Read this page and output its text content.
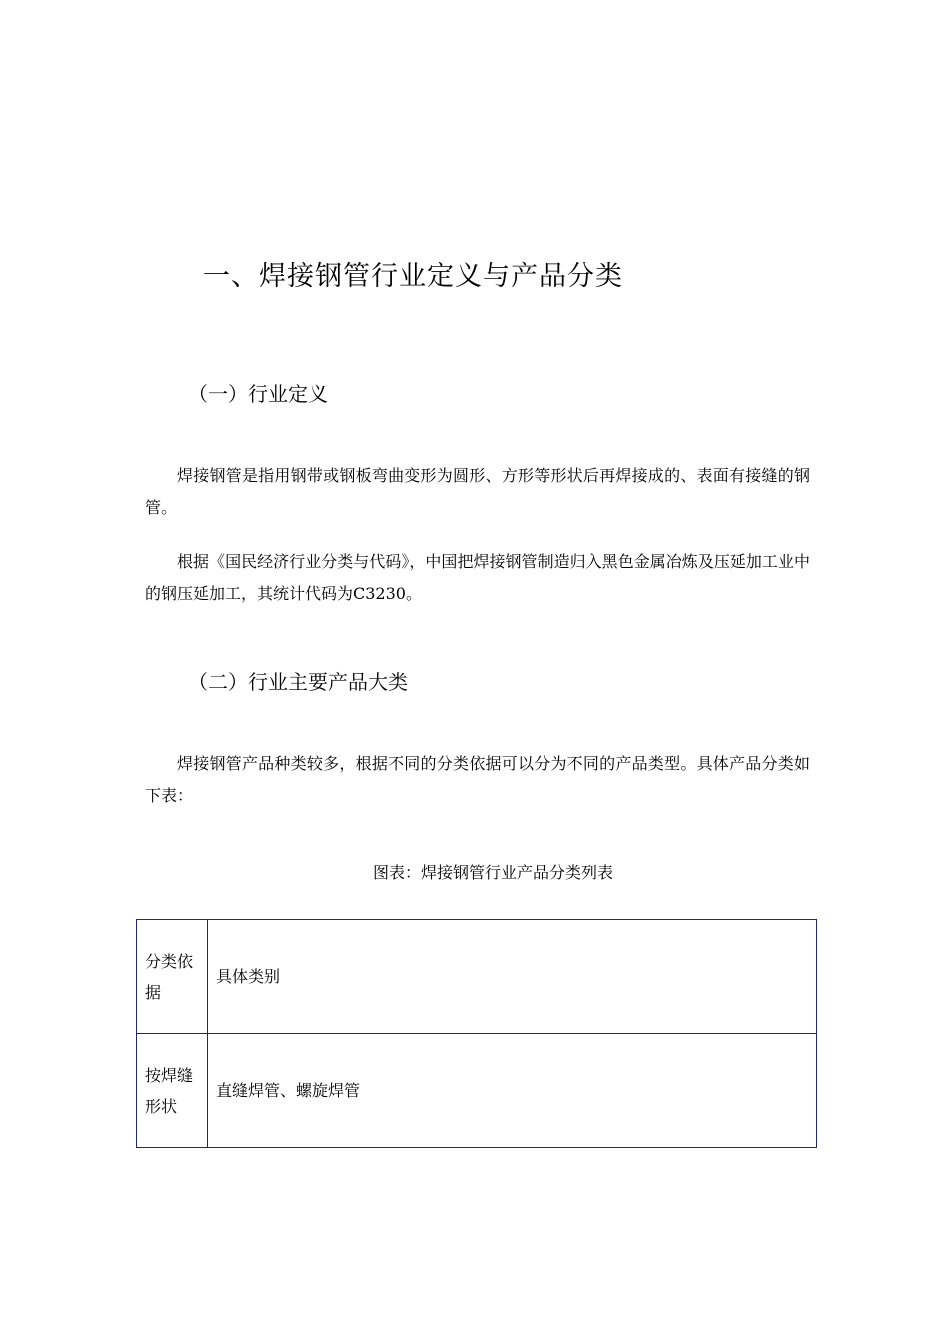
一、焊接钢管行业定义与产品分类
（一）行业定义

焊接钢管是指用钢带或钢板弯曲变形为圆形、方形等形状后再焊接成的、表面有接缝的钢管。

根据《国民经济行业分类与代码》，中国把焊接钢管制造归入黑色金属冶炼及压延加工业中的钢压延加工，其统计代码为C3230。

（二）行业主要产品大类

焊接钢管产品种类较多，根据不同的分类依据可以分为不同的产品类型。具体产品分类如下表：

图表：焊接钢管行业产品分类列表
分类依据	具体类别
按焊缝形状	直缝焊管、螺旋焊管
